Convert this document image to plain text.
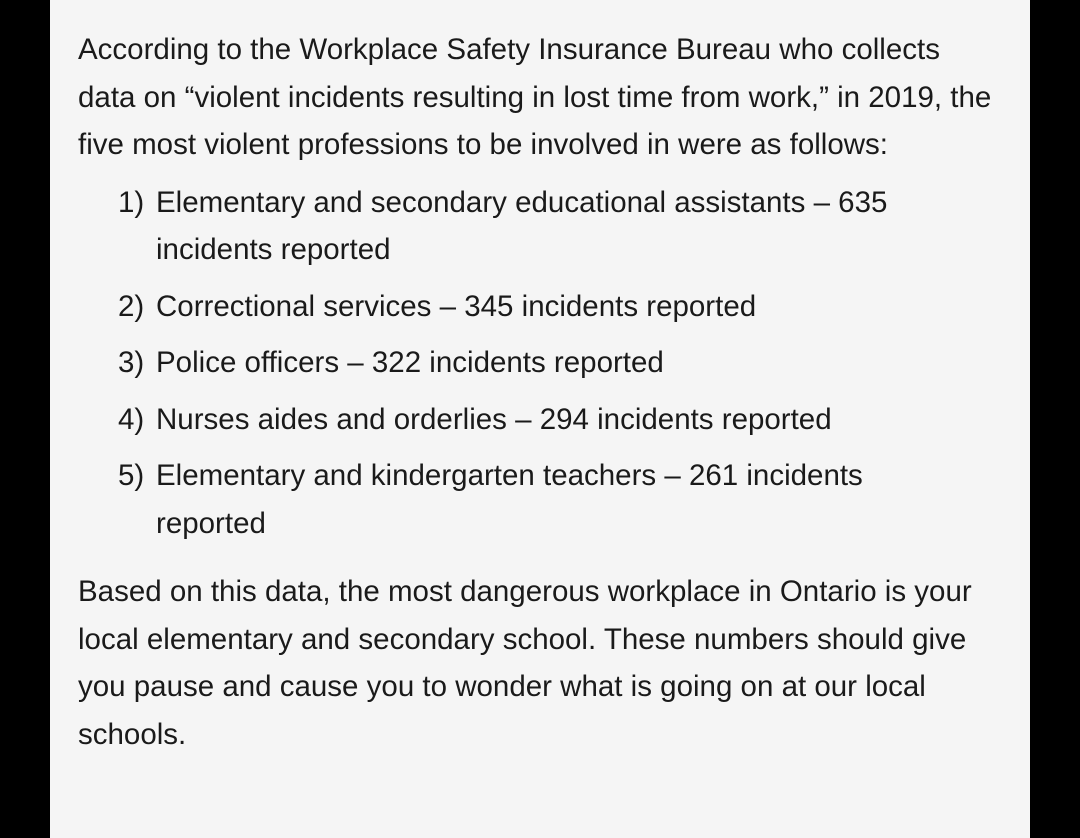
According to the Workplace Safety Insurance Bureau who collects data on “violent incidents resulting in lost time from work,” in 2019, the five most violent professions to be involved in were as follows:

1) Elementary and secondary educational assistants – 635 incidents reported
2) Correctional services – 345 incidents reported
3) Police officers – 322 incidents reported
4) Nurses aides and orderlies – 294 incidents reported
5) Elementary and kindergarten teachers – 261 incidents reported

Based on this data, the most dangerous workplace in Ontario is your local elementary and secondary school. These numbers should give you pause and cause you to wonder what is going on at our local schools.
